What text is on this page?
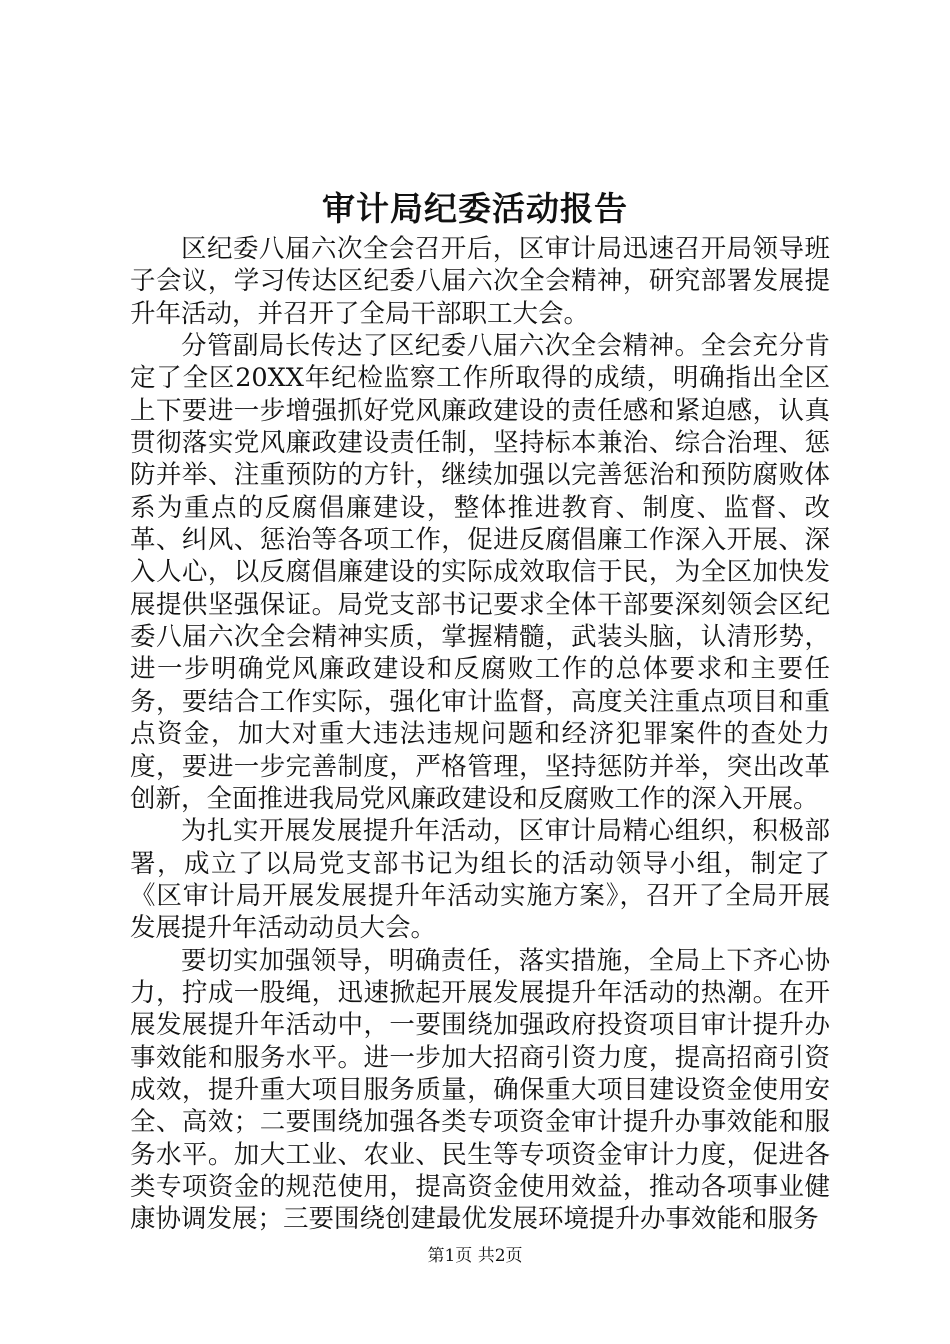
审计局纪委活动报告

区纪委八届六次全会召开后，区审计局迅速召开局领导班子会议，学习传达区纪委八届六次全会精神，研究部署发展提升年活动，并召开了全局干部职工大会。

分管副局长传达了区纪委八届六次全会精神。全会充分肯定了全区20XX年纪检监察工作所取得的成绩，明确指出全区上下要进一步增强抓好党风廉政建设的责任感和紧迫感，认真贯彻落实党风廉政建设责任制，坚持标本兼治、综合治理、惩防并举、注重预防的方针，继续加强以完善惩治和预防腐败体系为重点的反腐倡廉建设，整体推进教育、制度、监督、改革、纠风、惩治等各项工作，促进反腐倡廉工作深入开展、深入人心，以反腐倡廉建设的实际成效取信于民，为全区加快发展提供坚强保证。局党支部书记要求全体干部要深刻领会区纪委八届六次全会精神实质，掌握精髓，武装头脑，认清形势，进一步明确党风廉政建设和反腐败工作的总体要求和主要任务，要结合工作实际，强化审计监督，高度关注重点项目和重点资金，加大对重大违法违规问题和经济犯罪案件的查处力度，要进一步完善制度，严格管理，坚持惩防并举，突出改革创新，全面推进我局党风廉政建设和反腐败工作的深入开展。

为扎实开展发展提升年活动，区审计局精心组织，积极部署，成立了以局党支部书记为组长的活动领导小组，制定了《区审计局开展发展提升年活动实施方案》，召开了全局开展发展提升年活动动员大会。

要切实加强领导，明确责任，落实措施，全局上下齐心协力，拧成一股绳，迅速掀起开展发展提升年活动的热潮。在开展发展提升年活动中，一要围绕加强政府投资项目审计提升办事效能和服务水平。进一步加大招商引资力度，提高招商引资成效，提升重大项目服务质量，确保重大项目建设资金使用安全、高效；二要围绕加强各类专项资金审计提升办事效能和服务水平。加大工业、农业、民生等专项资金审计力度，促进各类专项资金的规范使用，提高资金使用效益，推动各项事业健康协调发展；三要围绕创建最优发展环境提升办事效能和服务

第1页 共2页
